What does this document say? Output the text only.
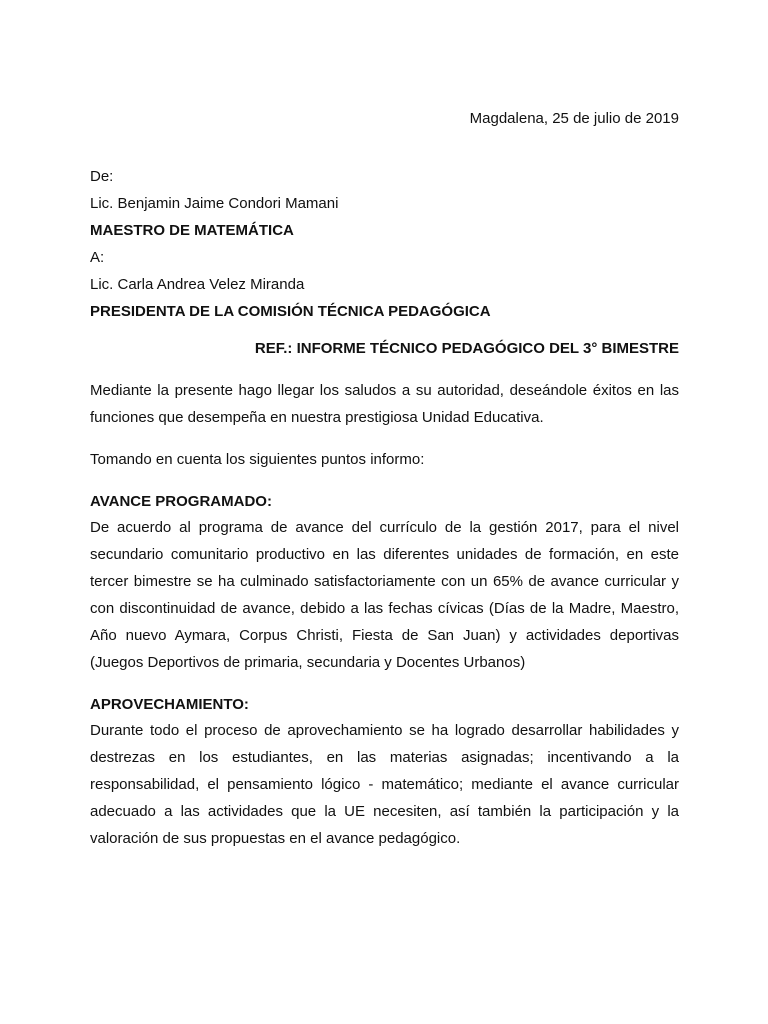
Magdalena, 25 de julio de 2019
De:
Lic. Benjamin Jaime Condori Mamani
MAESTRO DE MATEMÁTICA
A:
Lic. Carla Andrea Velez Miranda
PRESIDENTA DE LA COMISIÓN TÉCNICA PEDAGÓGICA
REF.: INFORME TÉCNICO PEDAGÓGICO DEL 3° BIMESTRE

Mediante la presente hago llegar los saludos a su autoridad, deseándole éxitos en las funciones que desempeña en nuestra prestigiosa Unidad Educativa.

Tomando en cuenta los siguientes puntos informo:

AVANCE PROGRAMADO:

De acuerdo al programa de avance del currículo de la gestión 2017, para el nivel secundario comunitario productivo en las diferentes unidades de formación, en este tercer bimestre se ha culminado satisfactoriamente con un 65% de avance curricular y con discontinuidad de avance, debido a las fechas cívicas (Días de la Madre, Maestro, Año nuevo Aymara, Corpus Christi, Fiesta de San Juan) y actividades deportivas (Juegos Deportivos de primaria, secundaria y Docentes Urbanos)

APROVECHAMIENTO:

Durante todo el proceso de aprovechamiento se ha logrado desarrollar habilidades y destrezas en los estudiantes, en las materias asignadas; incentivando a la responsabilidad, el pensamiento lógico - matemático; mediante el avance curricular adecuado a las actividades que la UE necesiten, así también la participación y la valoración de sus propuestas en el avance pedagógico.
